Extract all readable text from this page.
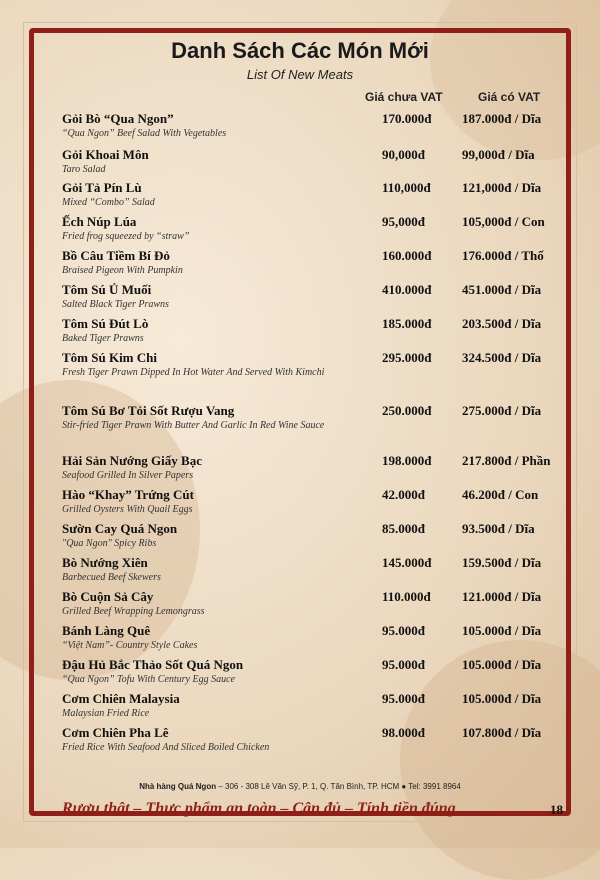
Danh Sách Các Món Mới
List Of New Meats
Giá chưa VAT	Giá có VAT
Gỏi Bò “Qua Ngon”
“Qua Ngon” Beef Salad With Vegetables
170.000đ 187.000đ / Dĩa
Gỏi Khoai Môn
Taro Salad
90,000đ	99,000đ / Dĩa
Gỏi Tả Pín Lù
Mixed “Combo” Salad
110,000đ 121,000đ / Dĩa
Ếch Núp Lúa
Fried frog squeezed by “straw”
95,000đ	105,000đ / Con
Bồ Câu Tiềm Bí Đỏ
Braised Pigeon With Pumpkin
160.000đ 176.000đ / Thố
Tôm Sú Ủ Muối
Salted Black Tiger Prawns
410.000đ 451.000đ / Dĩa
Tôm Sú Đút Lò
Baked Tiger Prawns
185.000đ 203.500đ / Dĩa
Tôm Sú Kim Chi
Fresh Tiger Prawn Dipped In Hot Water And Served With Kimchi
295.000đ 324.500đ / Dĩa
Tôm Sú Bơ Tỏi Sốt Rượu Vang
Stir-fried Tiger Prawn With Butter And Garlic In Red Wine Sauce
250.000đ 275.000đ / Dĩa
Hải Sản Nướng Giấy Bạc
Seafood Grilled In Silver Papers
198.000đ 217.800đ / Phần
Hào “Khay” Trứng Cút
Grilled Oysters With Quail Eggs
42.000đ	46.200đ / Con
Sườn Cay Quá Ngon
"Qua Ngon" Spicy Ribs
85.000đ	93.500đ / Dĩa
Bò Nướng Xiên
Barbecued Beef Skewers
145.000đ 159.500đ / Dĩa
Bò Cuộn Sả Cây
Grilled Beef Wrapping Lemongrass
110.000đ 121.000đ / Dĩa
Bánh Làng Quê
“Việt Nam”- Country Style Cakes
95.000đ	105.000đ / Dĩa
Đậu Hủ Bắc Thảo Sốt Quá Ngon
“Qua Ngon” Tofu With Century Egg Sauce
95.000đ	105.000đ / Dĩa
Cơm Chiên Malaysia
Malaysian Fried Rice
95.000đ	105.000đ / Dĩa
Cơm Chiên Pha Lê
Fried Rice With Seafood And Sliced Boiled Chicken
98.000đ	107.800đ / Dĩa
Nhà hàng Quá Ngon – 306 - 308 Lê Văn Sỹ, P. 1, Q. Tân Bình, TP. HCM ● Tel: 3991 8964
Rượu thật – Thực phẩm an toàn – Cân đủ – Tính tiền đúng	18
